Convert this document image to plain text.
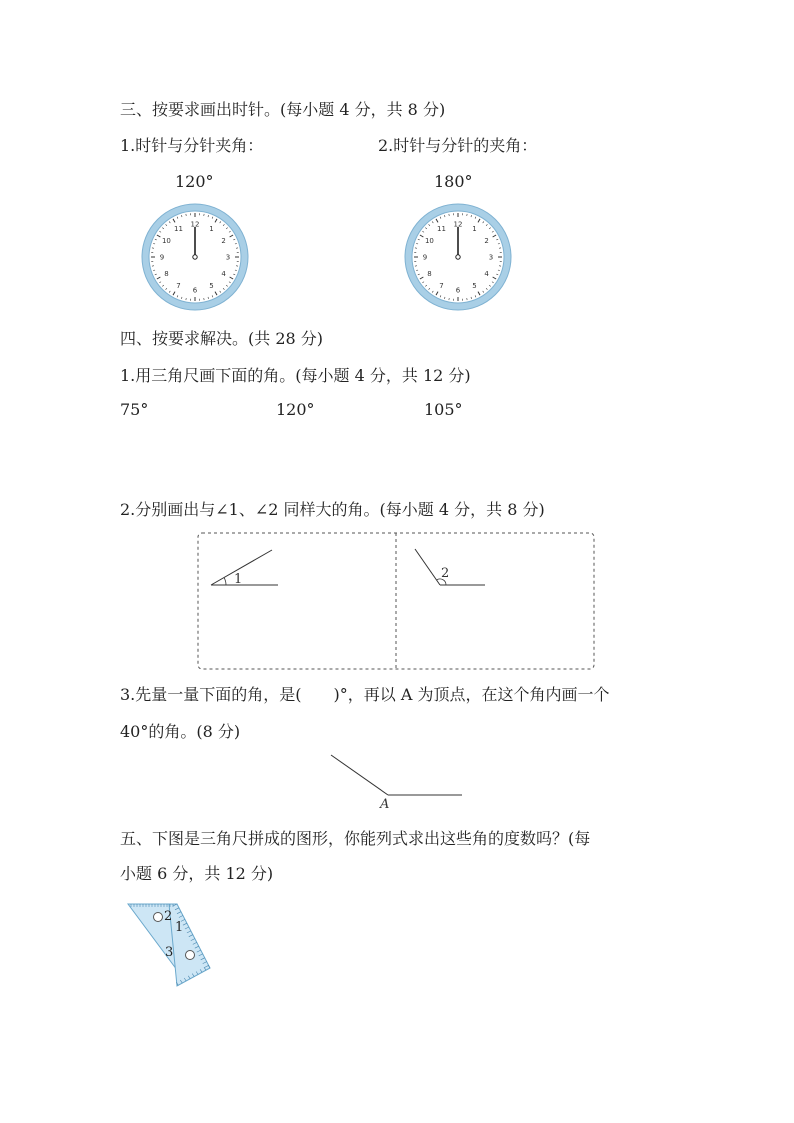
三、按要求画出时针。(每小题 4 分，共 8 分)
1.时针与分针夹角：	2.时针与分针的夹角：
120°	180°
12
1
2
3
4
5
6
7
8
9
10
11
12
1
2
3
4
5
6
7
8
9
10
11
1	2
A
1
2
3
四、按要求解决。(共 28 分)
1.用三角尺画下面的角。(每小题 4 分，共 12 分)
75°	120°	105°
2.分别画出与∠1、∠2 同样大的角。(每小题 4 分，共 8 分)
3.先量一量下面的角，是(　　)°，再以 A 为顶点，在这个角内画一个
40°的角。(8 分)
五、下图是三角尺拼成的图形，你能列式求出这些角的度数吗？(每
小题 6 分，共 12 分)
